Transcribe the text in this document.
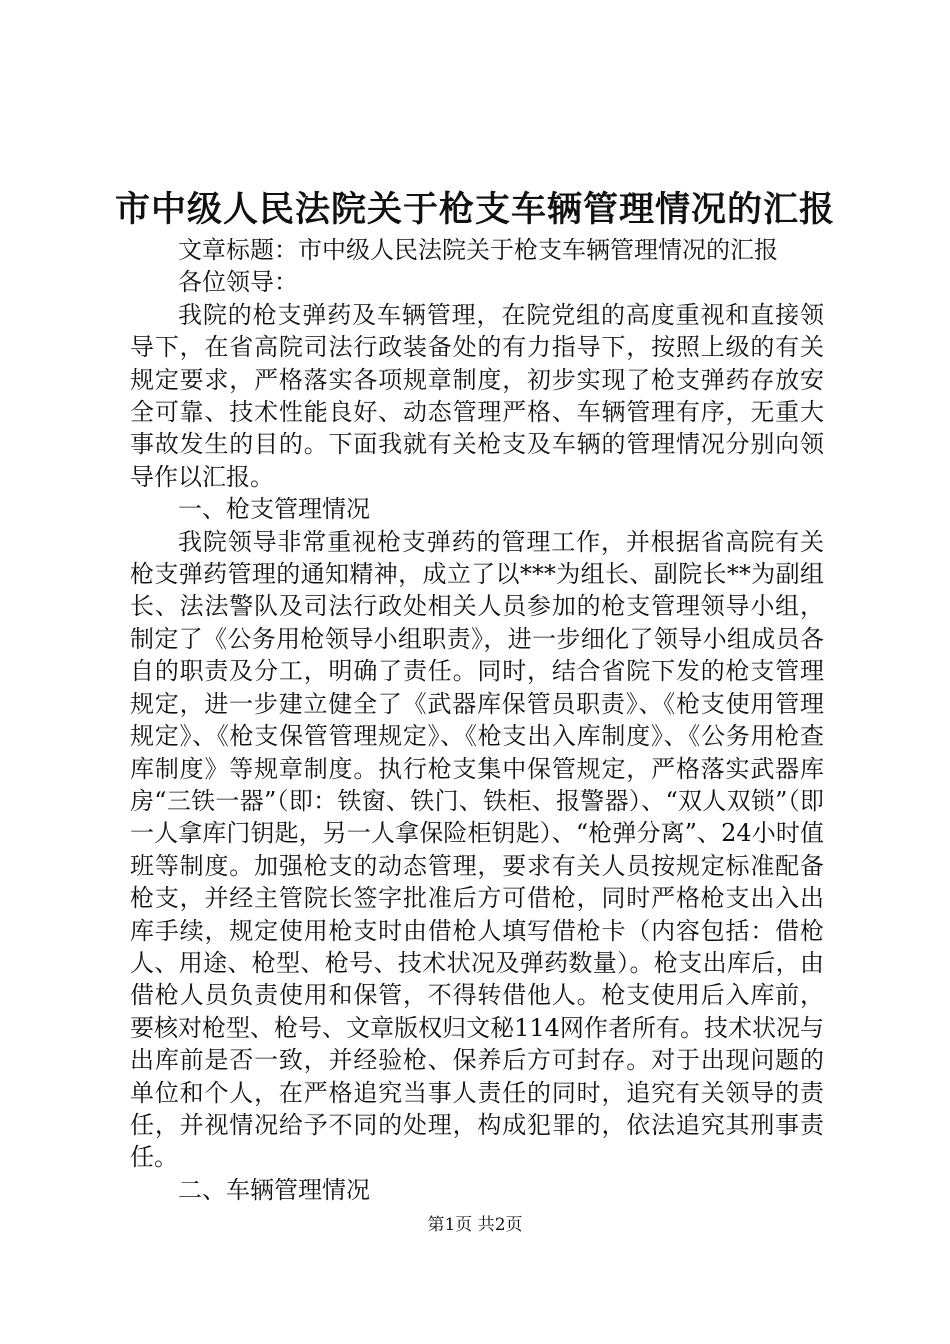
市中级人民法院关于枪支车辆管理情况的汇报

文章标题：市中级人民法院关于枪支车辆管理情况的汇报

各位领导：

我院的枪支弹药及车辆管理，在院党组的高度重视和直接领导下，在省高院司法行政装备处的有力指导下，按照上级的有关规定要求，严格落实各项规章制度，初步实现了枪支弹药存放安全可靠、技术性能良好、动态管理严格、车辆管理有序，无重大事故发生的目的。下面我就有关枪支及车辆的管理情况分别向领导作以汇报。

一、枪支管理情况

我院领导非常重视枪支弹药的管理工作，并根据省高院有关枪支弹药管理的通知精神，成立了以***为组长、副院长**为副组长、法法警队及司法行政处相关人员参加的枪支管理领导小组，制定了《公务用枪领导小组职责》，进一步细化了领导小组成员各自的职责及分工，明确了责任。同时，结合省院下发的枪支管理规定，进一步建立健全了《武器库保管员职责》、《枪支使用管理规定》、《枪支保管管理规定》、《枪支出入库制度》、《公务用枪查库制度》等规章制度。执行枪支集中保管规定，严格落实武器库房“三铁一器”（即：铁窗、铁门、铁柜、报警器）、“双人双锁”（即一人拿库门钥匙，另一人拿保险柜钥匙）、“枪弹分离”、24小时值班等制度。加强枪支的动态管理，要求有关人员按规定标准配备枪支，并经主管院长签字批准后方可借枪，同时严格枪支出入出库手续，规定使用枪支时由借枪人填写借枪卡（内容包括：借枪人、用途、枪型、枪号、技术状况及弹药数量）。枪支出库后，由借枪人员负责使用和保管，不得转借他人。枪支使用后入库前，要核对枪型、枪号、文章版权归文秘114网作者所有。技术状况与出库前是否一致，并经验枪、保养后方可封存。对于出现问题的单位和个人，在严格追究当事人责任的同时，追究有关领导的责任，并视情况给予不同的处理，构成犯罪的，依法追究其刑事责任。

二、车辆管理情况

第1页 共2页
